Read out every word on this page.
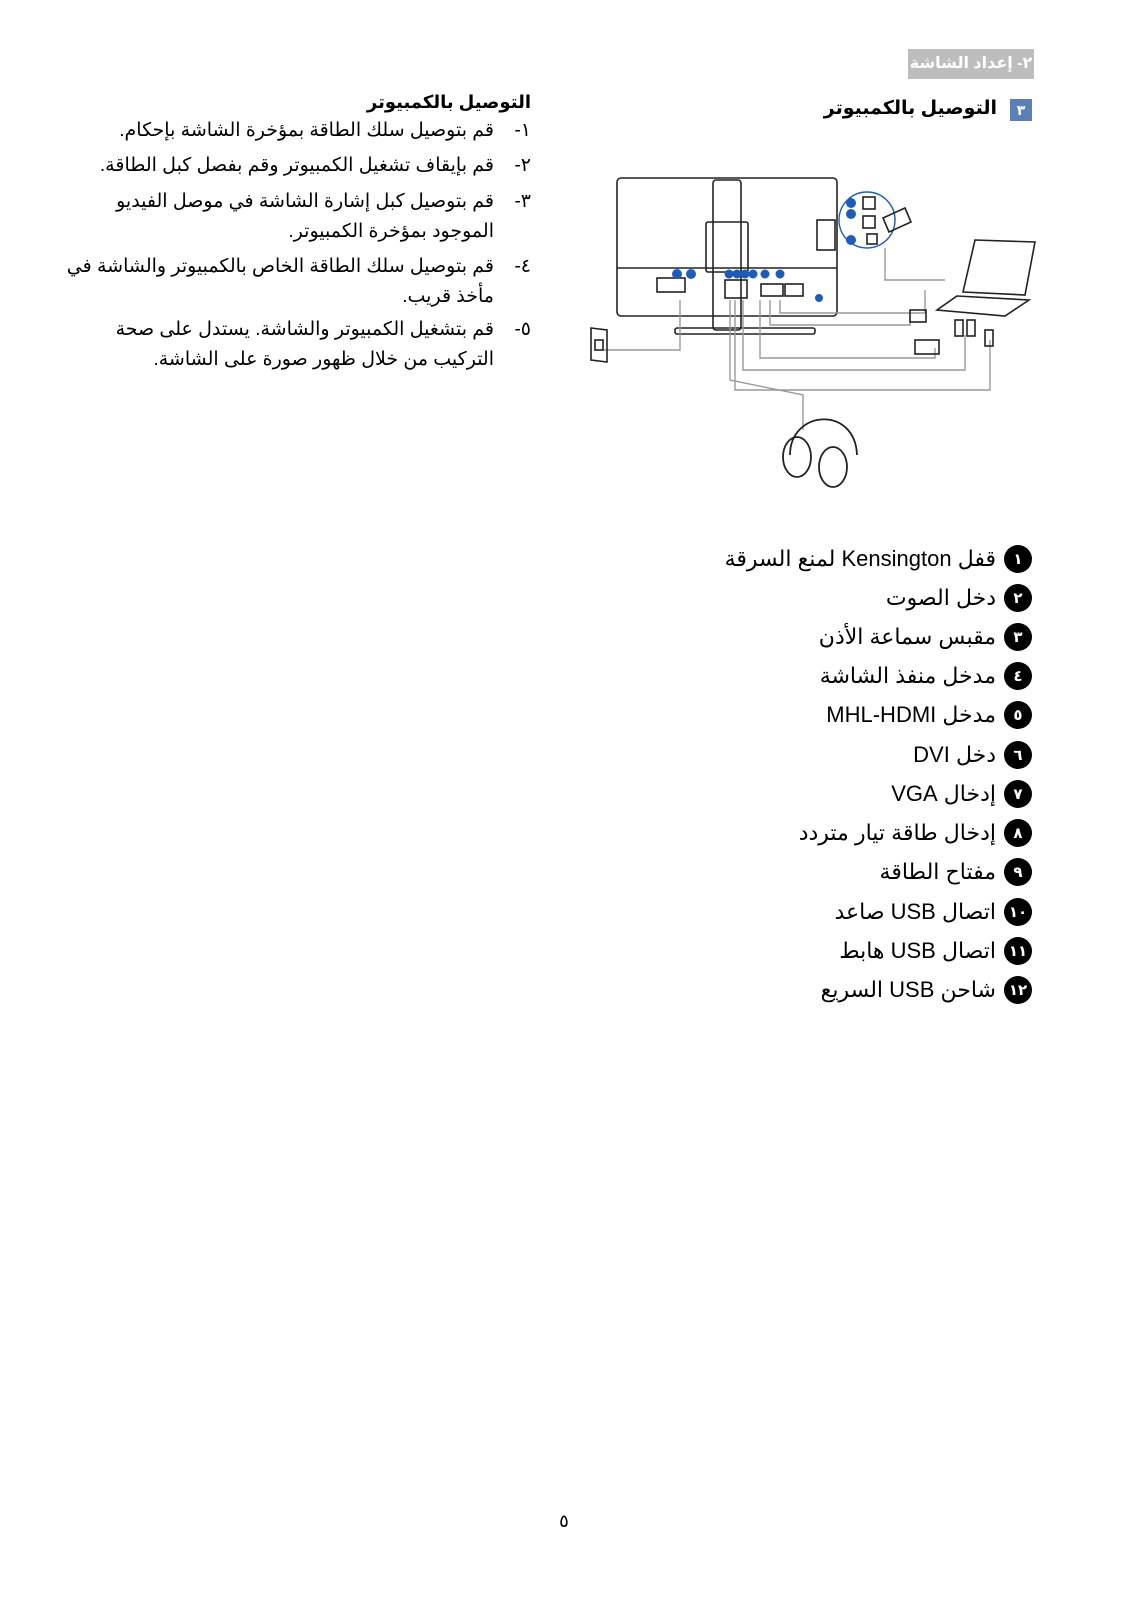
٢- إعداد الشاشة
٣
التوصيل بالكمبيوتر
التوصيل بالكمبيوتر
١-
قم بتوصيل سلك الطاقة بمؤخرة الشاشة بإحكام.
٢-
قم بإيقاف تشغيل الكمبيوتر وقم بفصل كبل الطاقة.
٣-
قم بتوصيل كبل إشارة الشاشة في موصل الفيديو الموجود بمؤخرة الكمبيوتر.
٤-
قم بتوصيل سلك الطاقة الخاص بالكمبيوتر والشاشة في مأخذ قريب.
٥-
قم بتشغيل الكمبيوتر والشاشة. يستدل على صحة التركيب من خلال ظهور صورة على الشاشة.
١
قفل Kensington لمنع السرقة
٢
دخل الصوت
٣
مقبس سماعة الأذن
٤
مدخل منفذ الشاشة
٥
مدخل MHL-HDMI
٦
دخل DVI
٧
إدخال VGA
٨
إدخال طاقة تيار متردد
٩
مفتاح الطاقة
١٠
اتصال USB صاعد
١١
اتصال USB هابط
١٢
شاحن USB السريع
٥
